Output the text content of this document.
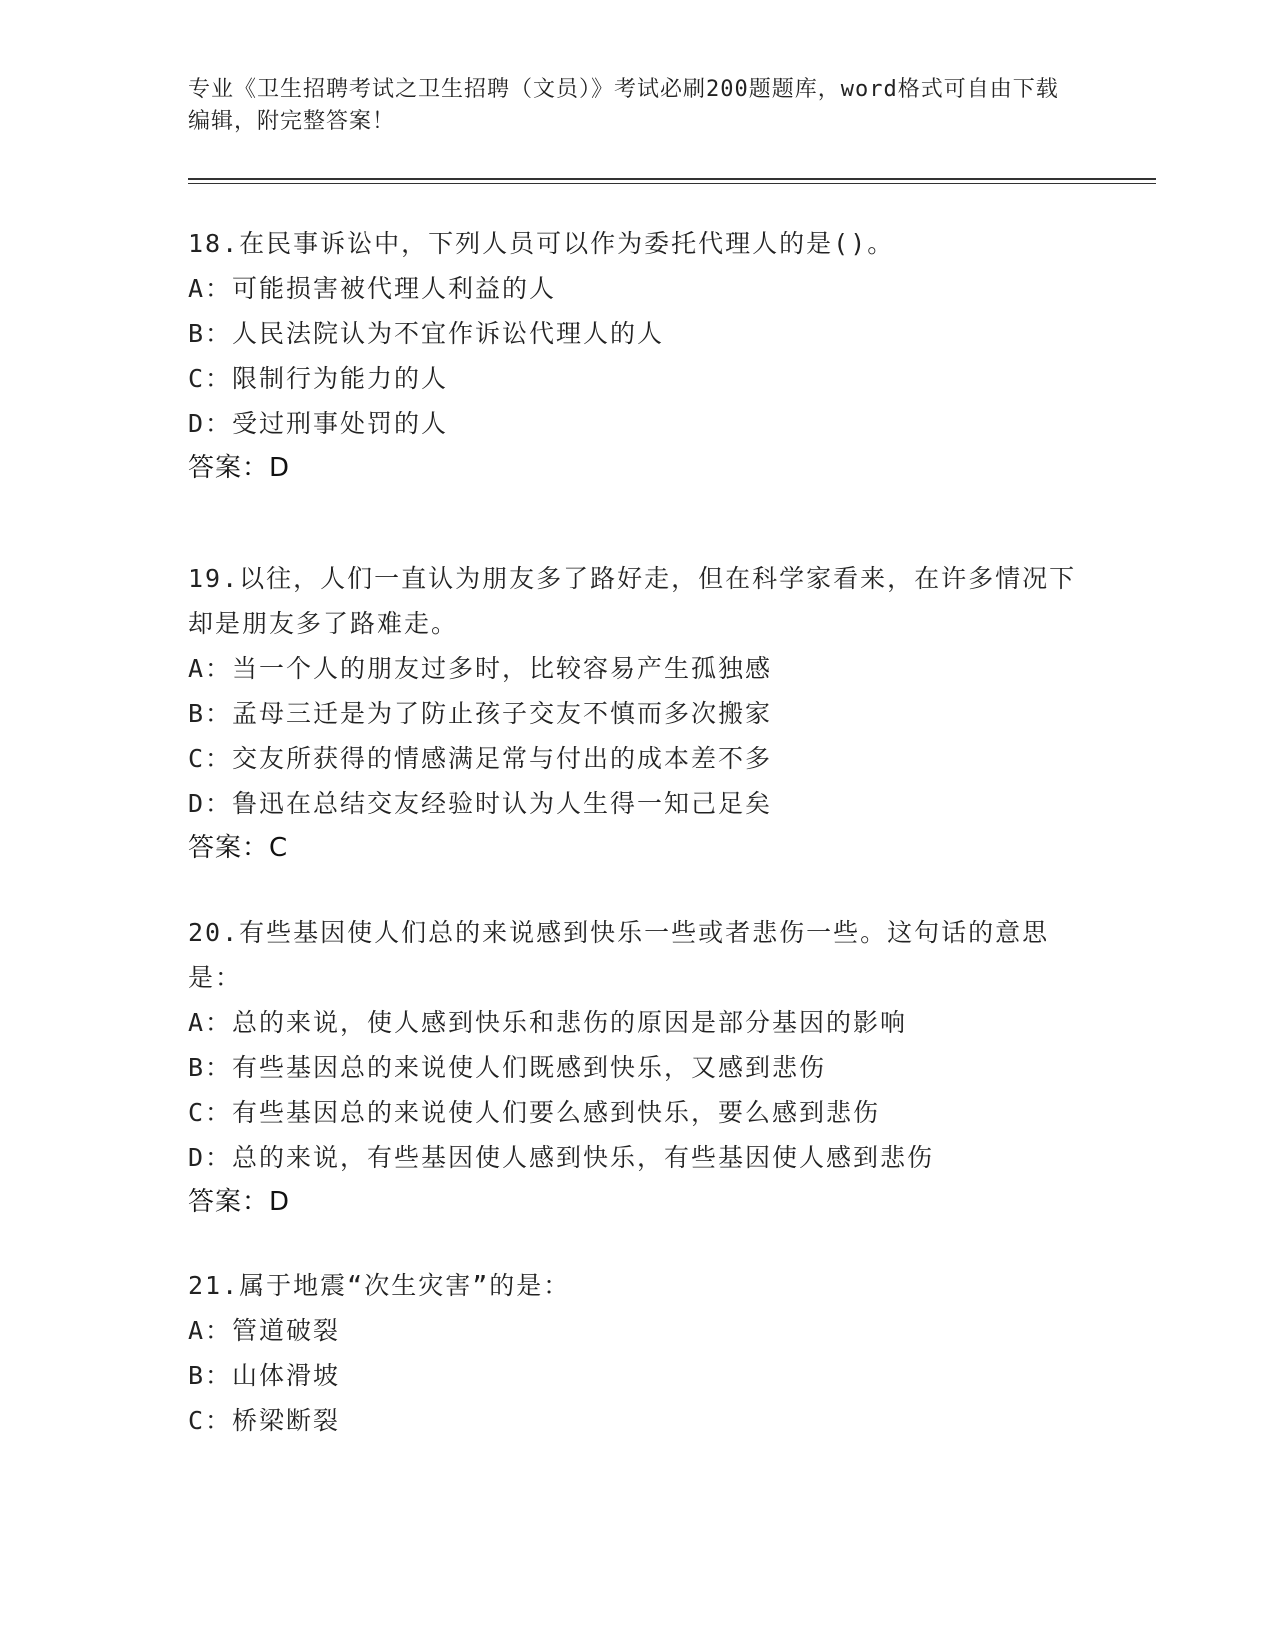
专业《卫生招聘考试之卫生招聘（文员）》考试必刷200题题库，word格式可自由下载编辑，附完整答案！
18.在民事诉讼中，下列人员可以作为委托代理人的是()。
A：可能损害被代理人利益的人
B：人民法院认为不宜作诉讼代理人的人
C：限制行为能力的人
D：受过刑事处罚的人
答案：D
19.以往，人们一直认为朋友多了路好走，但在科学家看来，在许多情况下却是朋友多了路难走。
A：当一个人的朋友过多时，比较容易产生孤独感
B：孟母三迁是为了防止孩子交友不慎而多次搬家
C：交友所获得的情感满足常与付出的成本差不多
D：鲁迅在总结交友经验时认为人生得一知己足矣
答案：C
20.有些基因使人们总的来说感到快乐一些或者悲伤一些。这句话的意思是：
A：总的来说，使人感到快乐和悲伤的原因是部分基因的影响
B：有些基因总的来说使人们既感到快乐，又感到悲伤
C：有些基因总的来说使人们要么感到快乐，要么感到悲伤
D：总的来说，有些基因使人感到快乐，有些基因使人感到悲伤
答案：D
21.属于地震“次生灾害”的是：
A：管道破裂
B：山体滑坡
C：桥梁断裂
